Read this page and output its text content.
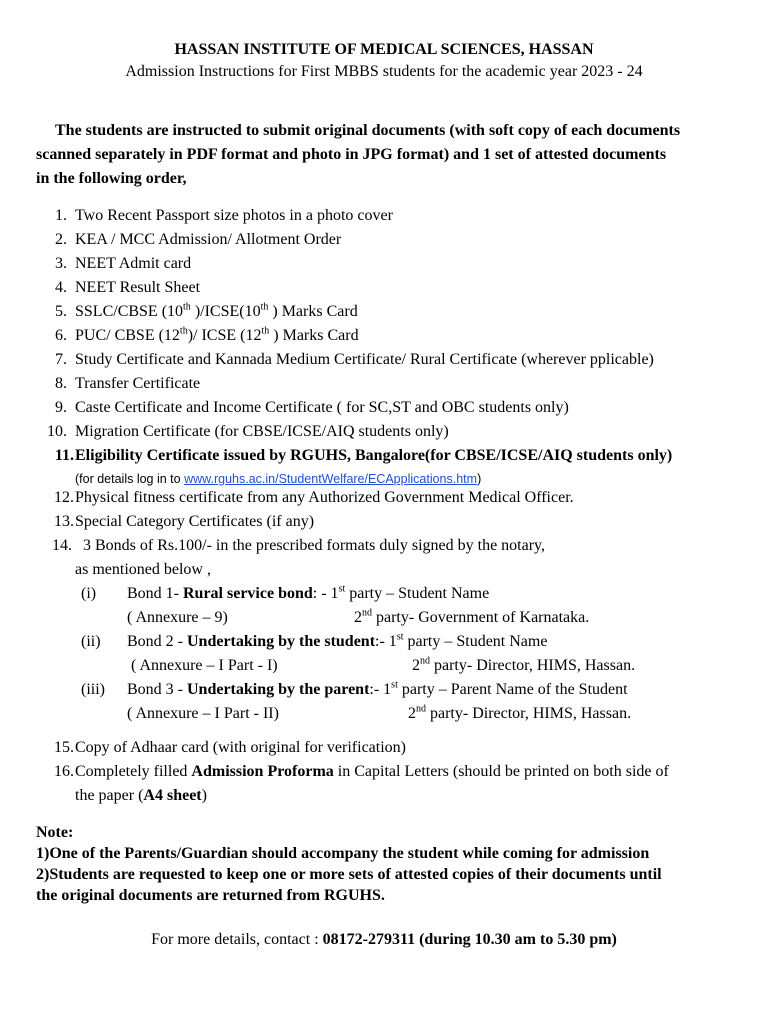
HASSAN INSTITUTE OF MEDICAL SCIENCES, HASSAN
Admission Instructions for First MBBS students for the academic year 2023 - 24
The students are instructed to submit original documents (with soft copy of each documents
scanned separately in PDF format and photo in JPG format) and 1 set of attested documents
in the following order,
1. Two Recent Passport size photos in a photo cover
2. KEA / MCC Admission/ Allotment Order
3. NEET Admit card
4. NEET Result Sheet
5. SSLC/CBSE (10th )/ICSE(10th ) Marks Card
6. PUC/ CBSE (12th)/ ICSE (12th ) Marks Card
7. Study Certificate and Kannada Medium Certificate/ Rural Certificate (wherever pplicable)
8. Transfer Certificate
9. Caste Certificate and Income Certificate ( for SC,ST and OBC students only)
10. Migration Certificate (for CBSE/ICSE/AIQ students only)
11. Eligibility Certificate issued by RGUHS, Bangalore(for CBSE/ICSE/AIQ students only)
(for details log in to www.rguhs.ac.in/StudentWelfare/ECApplications.htm)
12. Physical fitness certificate from any Authorized Government Medical Officer.
13. Special Category Certificates (if any)
14. 3 Bonds of Rs.100/- in the prescribed formats duly signed by the notary,
as mentioned below ,
(i) Bond 1- Rural service bond: - 1st party – Student Name
( Annexure – 9)	2nd party- Government of Karnataka.
(ii) Bond 2 - Undertaking by the student:- 1st party – Student Name
( Annexure – I Part - I)	2nd party- Director, HIMS, Hassan.
(iii) Bond 3 - Undertaking by the parent:- 1st party – Parent Name of the Student
( Annexure – I Part - II)	2nd party- Director, HIMS, Hassan.
15. Copy of Adhaar card (with original for verification)
16. Completely filled Admission Proforma in Capital Letters (should be printed on both side of
the paper (A4 sheet)
Note:
1)One of the Parents/Guardian should accompany the student while coming for admission
2)Students are requested to keep one or more sets of attested copies of their documents until
the original documents are returned from RGUHS.
For more details, contact : 08172-279311 (during 10.30 am to 5.30 pm)
